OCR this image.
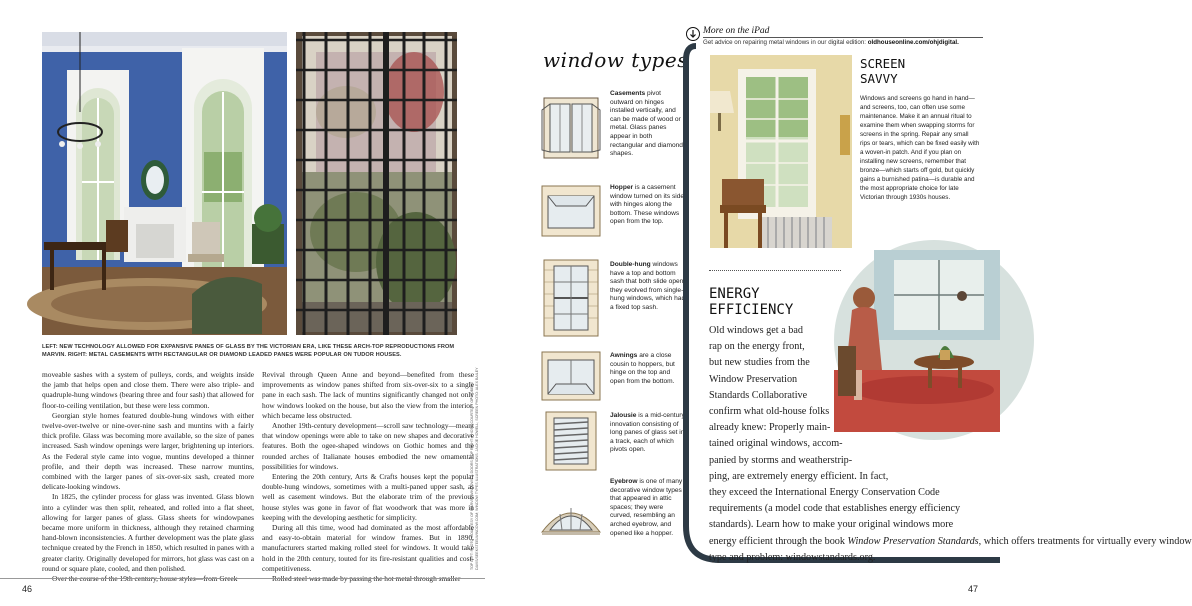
LEFT: NEW TECHNOLOGY ALLOWED FOR EXPANSIVE PANES OF GLASS BY THE VICTORIAN ERA, LIKE THESE ARCH-TOP REPRODUCTIONS FROM MARVIN. RIGHT: METAL CASEMENTS WITH RECTANGULAR OR DIAMOND LEADED PANES WERE POPULAR ON TUDOR HOUSES.
TOP LEFT: PHOTO COURTESY OF MARVIN WINDOWS & DOORS; TOP RIGHT: PHOTO COURTESY OF ROBERT DAVIS/SEEKSTEELWINDOW.COM; WINDOW TYPES ILLUSTRATIONS: JACKIE HOWELL; SCREEN PHOTO: ALEX BAILEY

moveable sashes with a system of pulleys, cords, and weights inside the jamb that helps open and close them. There were also triple- and quadruple-hung windows (bearing three and four sash) that allowed for floor-to-ceiling ventilation, but these were less common.

Georgian style homes featured double-hung windows with either twelve-over-twelve or nine-over-nine sash and muntins with a fairly thick profile. Glass was becoming more available, so the size of panes increased. Sash window openings were larger, brightening up interiors. As the Federal style came into vogue, muntins developed a thinner profile, and their depth was increased. These narrow muntins, combined with the larger panes of six-over-six sash, created more delicate-looking windows.

In 1825, the cylinder process for glass was invented. Glass blown into a cylinder was then split, reheated, and rolled into a flat sheet, allowing for larger panes of glass. Glass sheets for windowpanes became more uniform in thickness, although they retained charming hand-blown inconsistencies. A further development was the plate glass technique created by the French in 1850, which resulted in panes with a greater clarity. Originally developed for mirrors, hot glass was cast on a round or square plate, cooled, and then polished.

Revival through Queen Anne and beyond—benefited from these improvements as window panes shifted from six-over-six to a single pane in each sash. The lack of muntins significantly changed not only how windows looked on the house, but also the view from the interior, which became less obstructed.

Another 19th-century development—scroll saw technology—meant that window openings were able to take on new shapes and decorative features. Both the ogee-shaped windows on Gothic homes and the rounded arches of Italianate houses embodied the new ornamental possibilities for windows.

Entering the 20th century, Arts & Crafts houses kept the popular double-hung windows, sometimes with a multi-paned upper sash, as well as casement windows. But the elaborate trim of the previous house styles was gone in favor of flat woodwork that was more in keeping with the developing aesthetic for simplicity.

During all this time, wood had dominated as the most affordable and easy-to-obtain material for window frames. But in 1890, manufacturers started making rolled steel for windows. It would take hold in the 20th century, touted for its fire-resistant qualities and cost-competitiveness.

46
window types
Casements pivot outward on hinges installed vertically, and can be made of wood or metal. Glass panes appear in both rectangular and diamond shapes.
Hopper is a casement window turned on its side, with hinges along the bottom. These windows open from the top.
Double-hung windows have a top and bottom sash that both slide open; they evolved from single-hung windows, which had a fixed top sash.
Awnings are a close cousin to hoppers, but hinge on the top and open from the bottom.
Jalousie is a mid-century innovation consisting of long panes of glass set in a track, each of which pivots open.
Eyebrow is one of many decorative window types that appeared in attic spaces; they were curved, resembling an arched eyebrow, and opened like a hopper.
More on the iPad
Get advice on repairing metal windows in our digital edition: oldhouseonline.com/ohjdigital.
SCREEN
SAVVY
Windows and screens go hand in hand—and screens, too, can often use some maintenance. Make it an annual ritual to examine them when swapping storms for screens in the spring. Repair any small rips or tears, which can be fixed easily with a woven-in patch. And if you plan on installing new screens, remember that bronze—which starts off gold, but quickly gains a burnished patina—is durable and the most appropriate choice for late Victorian through 1930s houses.
ENERGY
EFFICIENCY
Old windows get a bad
rap on the energy front,
but new studies from the
Window Preservation
Standards Collaborative
confirm what old-house folks
already knew: Properly main-
tained original windows, accom-
panied by storms and weatherstrip-
ping, are extremely energy efficient. In fact,
they exceed the International Energy Conservation Code
requirements (a model code that establishes energy efficiency
standards). Learn how to make your original windows more
energy efficient through the book Window Preservation Standards, which offers treatments for virtually every window
type and problem: windowstandards.org.
47
